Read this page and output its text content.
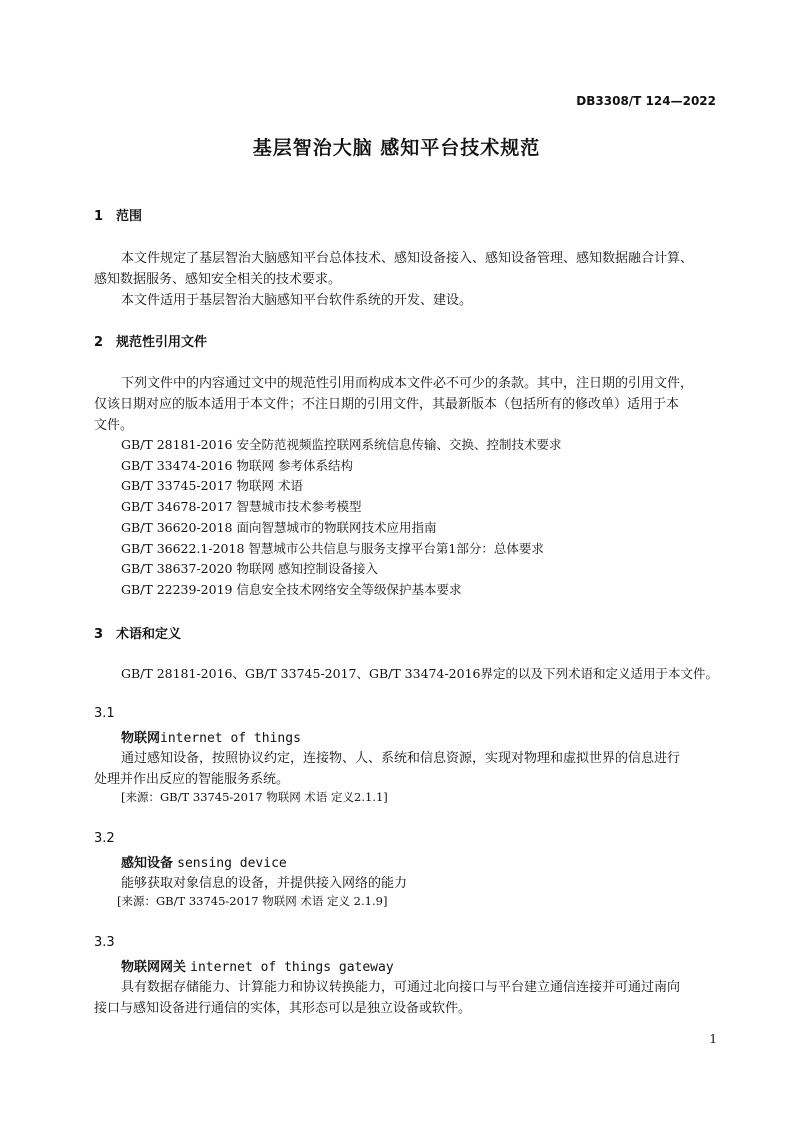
DB3308/T 124—2022
基层智治大脑 感知平台技术规范
1 范围
本文件规定了基层智治大脑感知平台总体技术、感知设备接入、感知设备管理、感知数据融合计算、
感知数据服务、感知安全相关的技术要求。
本文件适用于基层智治大脑感知平台软件系统的开发、建设。
2 规范性引用文件
下列文件中的内容通过文中的规范性引用而构成本文件必不可少的条款。其中，注日期的引用文件，
仅该日期对应的版本适用于本文件；不注日期的引用文件，其最新版本（包括所有的修改单）适用于本
文件。
GB/T 28181-2016 安全防范视频监控联网系统信息传输、交换、控制技术要求
GB/T 33474-2016 物联网 参考体系结构
GB/T 33745-2017 物联网 术语
GB/T 34678-2017 智慧城市技术参考模型
GB/T 36620-2018 面向智慧城市的物联网技术应用指南
GB/T 36622.1-2018 智慧城市公共信息与服务支撑平台第1部分：总体要求
GB/T 38637-2020 物联网 感知控制设备接入
GB/T 22239-2019 信息安全技术网络安全等级保护基本要求
3 术语和定义
GB/T 28181-2016、GB/T 33745-2017、GB/T 33474-2016界定的以及下列术语和定义适用于本文件。
3.1
物联网internet of things
通过感知设备，按照协议约定，连接物、人、系统和信息资源，实现对物理和虚拟世界的信息进行
处理并作出反应的智能服务系统。
[来源：GB/T 33745-2017 物联网 术语 定义2.1.1]
3.2
感知设备 sensing device
能够获取对象信息的设备，并提供接入网络的能力
[来源：GB/T 33745-2017 物联网 术语 定义 2.1.9]
3.3
物联网网关 internet of things gateway
具有数据存储能力、计算能力和协议转换能力，可通过北向接口与平台建立通信连接并可通过南向
接口与感知设备进行通信的实体，其形态可以是独立设备或软件。
1
